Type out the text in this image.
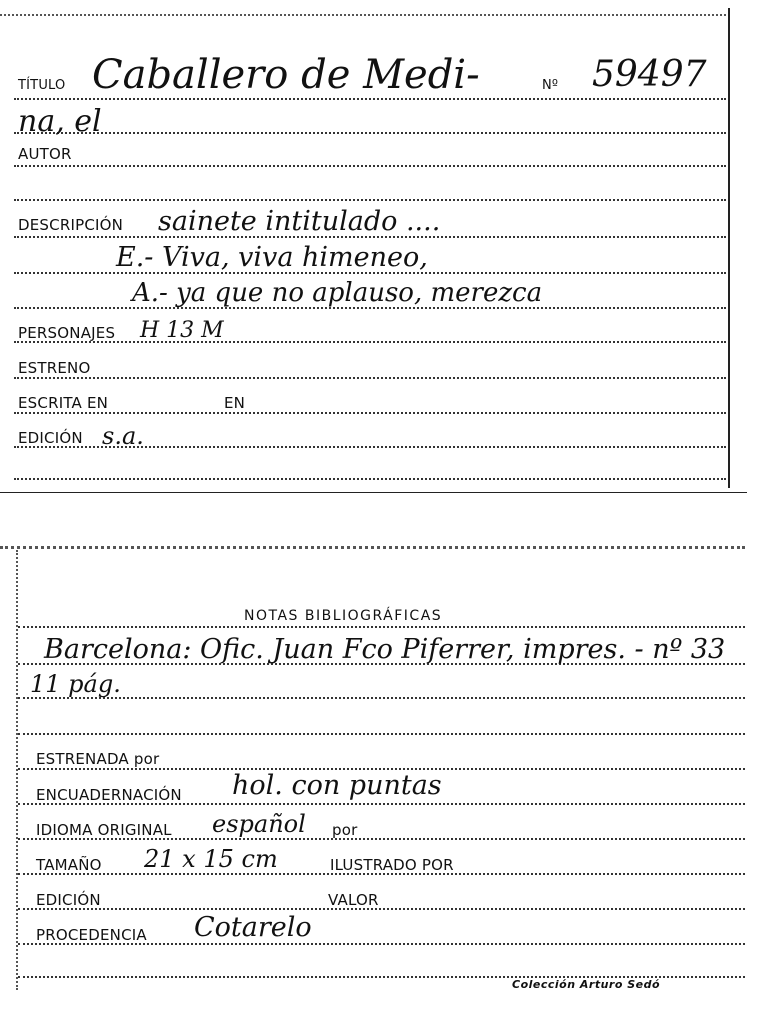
TÍTULO Caballero de Medi-	Nº 59497
na, el
AUTOR
DESCRIPCIÓN sainete intitulado ....
E.- Viva, viva himeneo,
A.- ya que no aplauso, merezca
PERSONAJES H 13 M
ESTRENO
ESCRITA EN	EN
EDICIÓN s.a.
NOTAS BIBLIOGRÁFICAS
Barcelona: Ofic. Juan Fco Piferrer, impres. - nº 33
11 pág.
ESTRENADA por
ENCUADERNACIÓN hol. con puntas
IDIOMA ORIGINAL español por
TAMAÑO 21 x 15 cm	ILUSTRADO POR
EDICIÓN	VALOR
PROCEDENCIA Cotarelo
Colección Arturo Sedó
